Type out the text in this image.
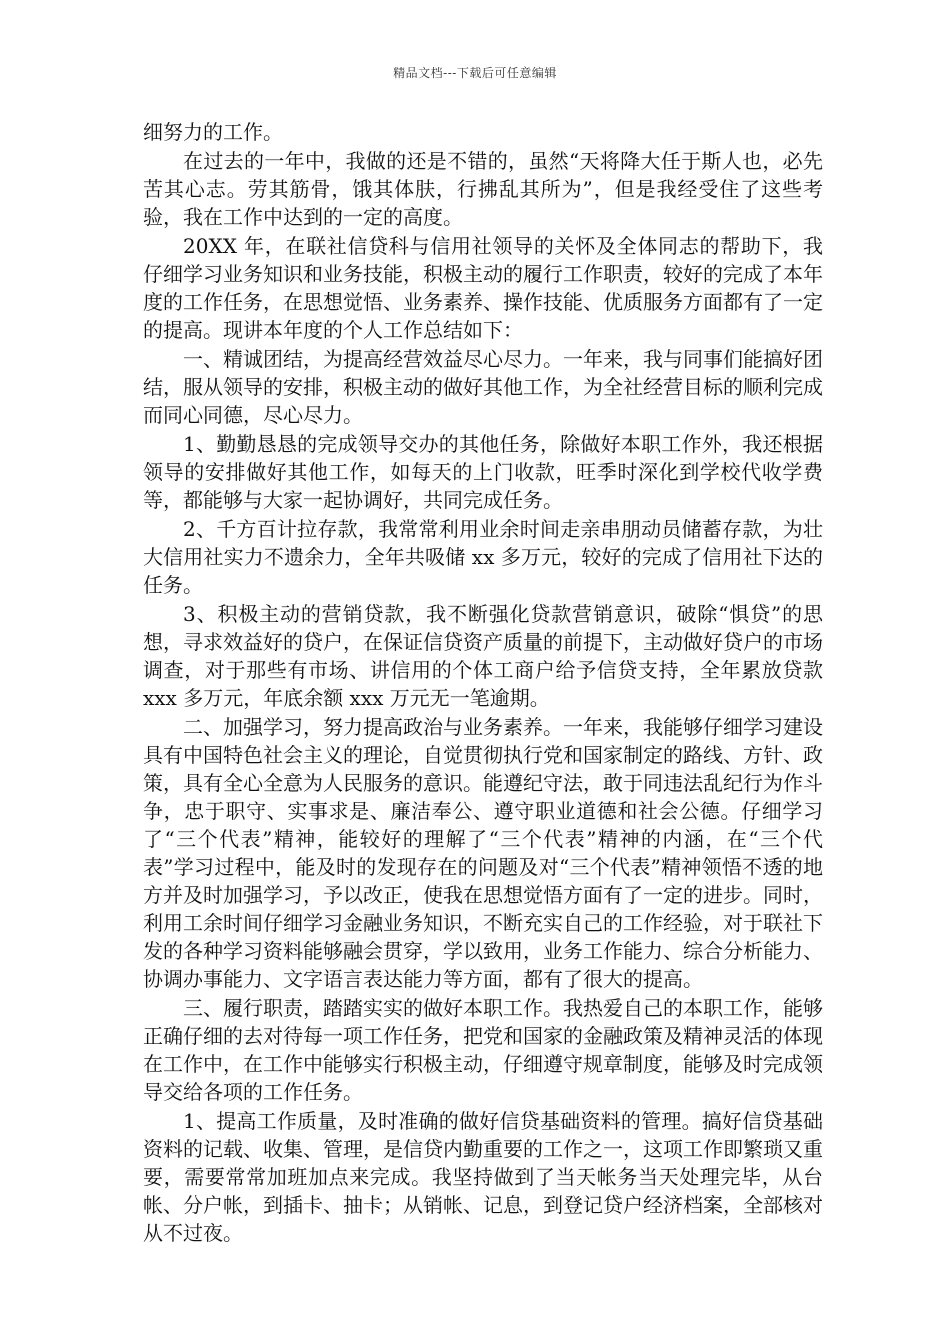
精品文档---下载后可任意编辑

细努力的工作。

在过去的一年中，我做的还是不错的，虽然“天将降大任于斯人也，必先苦其心志。劳其筋骨，饿其体肤，行拂乱其所为”，但是我经受住了这些考验，我在工作中达到的一定的高度。

20XX 年，在联社信贷科与信用社领导的关怀及全体同志的帮助下，我仔细学习业务知识和业务技能，积极主动的履行工作职责，较好的完成了本年度的工作任务，在思想觉悟、业务素养、操作技能、优质服务方面都有了一定的提高。现讲本年度的个人工作总结如下：

一、精诚团结，为提高经营效益尽心尽力。一年来，我与同事们能搞好团结，服从领导的安排，积极主动的做好其他工作，为全社经营目标的顺利完成而同心同德，尽心尽力。

1、勤勤恳恳的完成领导交办的其他任务，除做好本职工作外，我还根据领导的安排做好其他工作，如每天的上门收款，旺季时深化到学校代收学费等，都能够与大家一起协调好，共同完成任务。

2、千方百计拉存款，我常常利用业余时间走亲串朋动员储蓄存款，为壮大信用社实力不遗余力，全年共吸储 xx 多万元，较好的完成了信用社下达的任务。

3、积极主动的营销贷款，我不断强化贷款营销意识，破除“惧贷”的思想，寻求效益好的贷户，在保证信贷资产质量的前提下，主动做好贷户的市场调查，对于那些有市场、讲信用的个体工商户给予信贷支持，全年累放贷款 xxx 多万元，年底余额 xxx 万元无一笔逾期。

二、加强学习，努力提高政治与业务素养。一年来，我能够仔细学习建设具有中国特色社会主义的理论，自觉贯彻执行党和国家制定的路线、方针、政策，具有全心全意为人民服务的意识。能遵纪守法，敢于同违法乱纪行为作斗争，忠于职守、实事求是、廉洁奉公、遵守职业道德和社会公德。仔细学习了“三个代表”精神，能较好的理解了“三个代表”精神的内涵，在“三个代表”学习过程中，能及时的发现存在的问题及对“三个代表”精神领悟不透的地方并及时加强学习，予以改正，使我在思想觉悟方面有了一定的进步。同时，利用工余时间仔细学习金融业务知识，不断充实自己的工作经验，对于联社下发的各种学习资料能够融会贯穿，学以致用，业务工作能力、综合分析能力、协调办事能力、文字语言表达能力等方面，都有了很大的提高。

三、履行职责，踏踏实实的做好本职工作。我热爱自己的本职工作，能够正确仔细的去对待每一项工作任务，把党和国家的金融政策及精神灵活的体现在工作中，在工作中能够实行积极主动，仔细遵守规章制度，能够及时完成领导交给各项的工作任务。

1、提高工作质量，及时准确的做好信贷基础资料的管理。搞好信贷基础资料的记载、收集、管理，是信贷内勤重要的工作之一，这项工作即繁琐又重要，需要常常加班加点来完成。我坚持做到了当天帐务当天处理完毕，从台帐、分户帐，到插卡、抽卡；从销帐、记息，到登记贷户经济档案，全部核对从不过夜。
